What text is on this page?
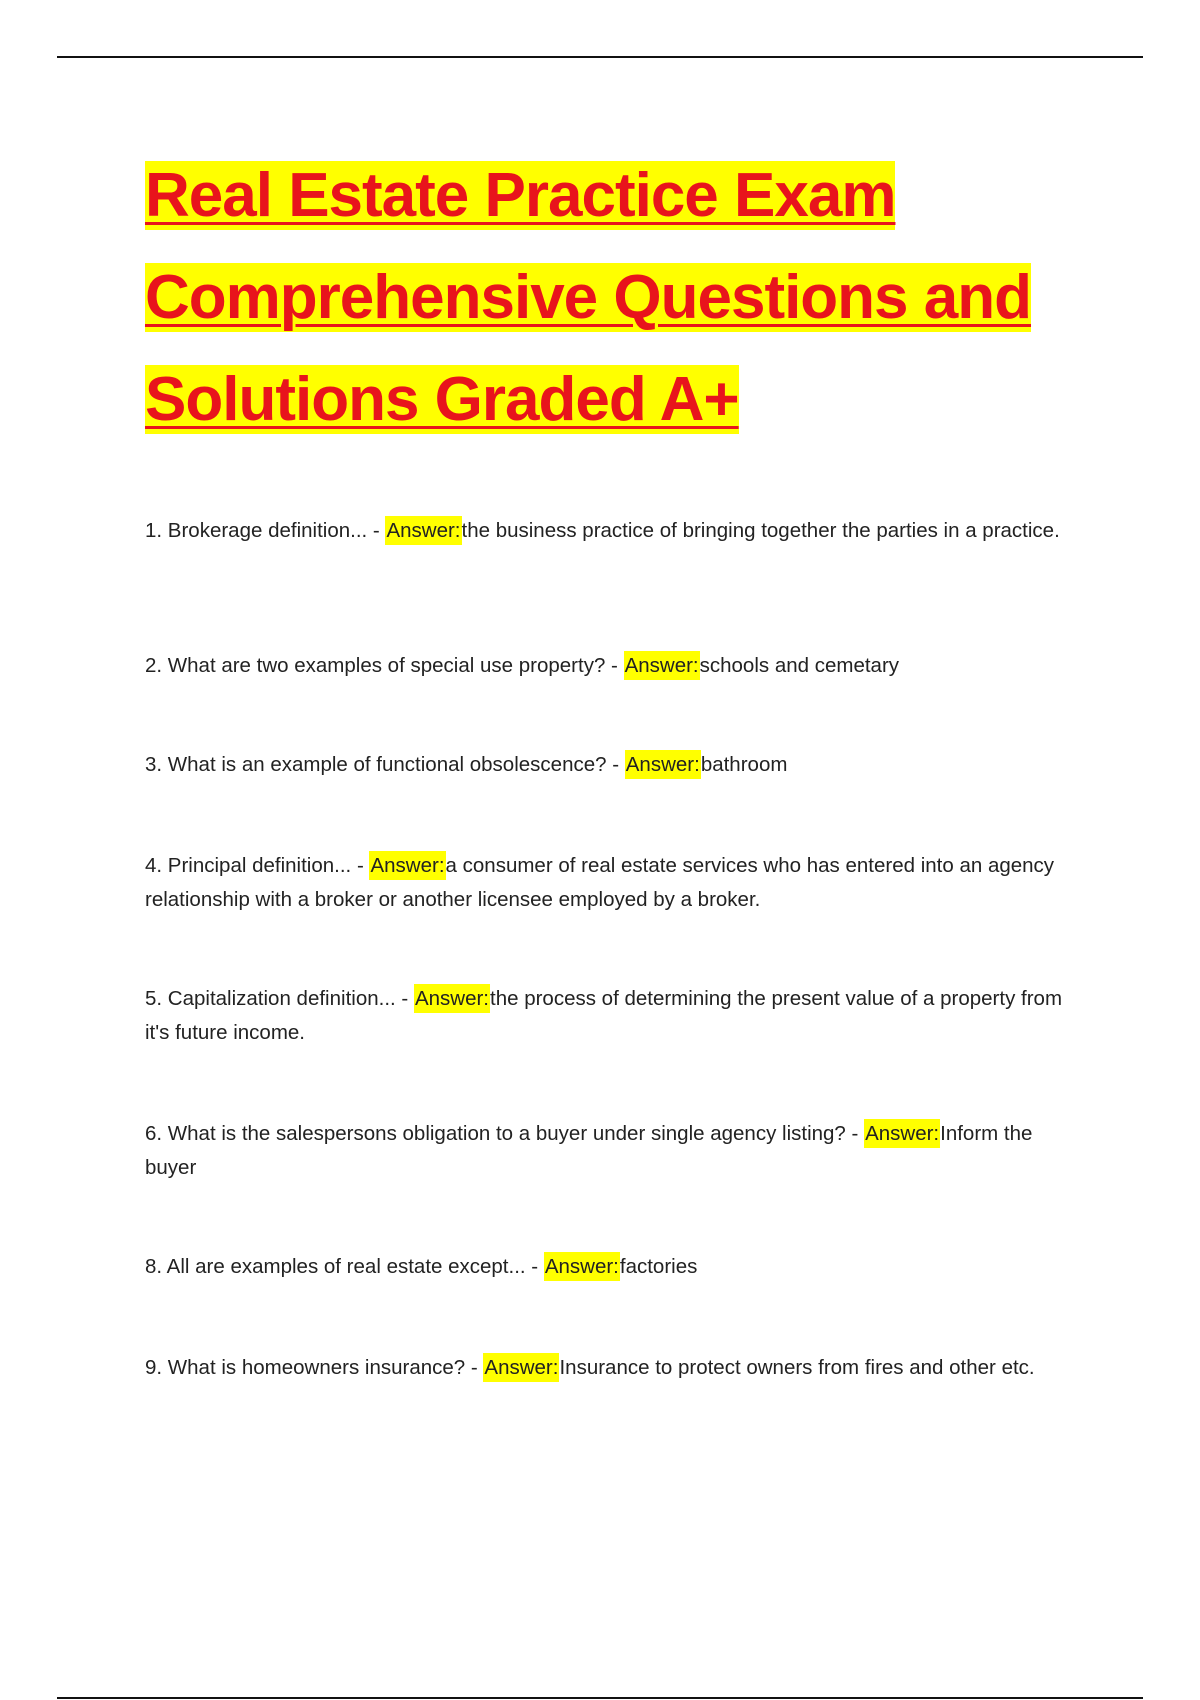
Real Estate Practice Exam
Comprehensive Questions and
Solutions Graded A+

1. Brokerage definition... - Answer:the business practice of bringing together the parties in a practice.

2. What are two examples of special use property? - Answer:schools and cemetary

3. What is an example of functional obsolescence? - Answer:bathroom

4. Principal definition... - Answer:a consumer of real estate services who has entered into an agency relationship with a broker or another licensee employed by a broker.

5. Capitalization definition... - Answer:the process of determining the present value of a property from it's future income.

6. What is the salespersons obligation to a buyer under single agency listing? - Answer:Inform the buyer

8. All are examples of real estate except... - Answer:factories

9. What is homeowners insurance? - Answer:Insurance to protect owners from fires and other etc.
